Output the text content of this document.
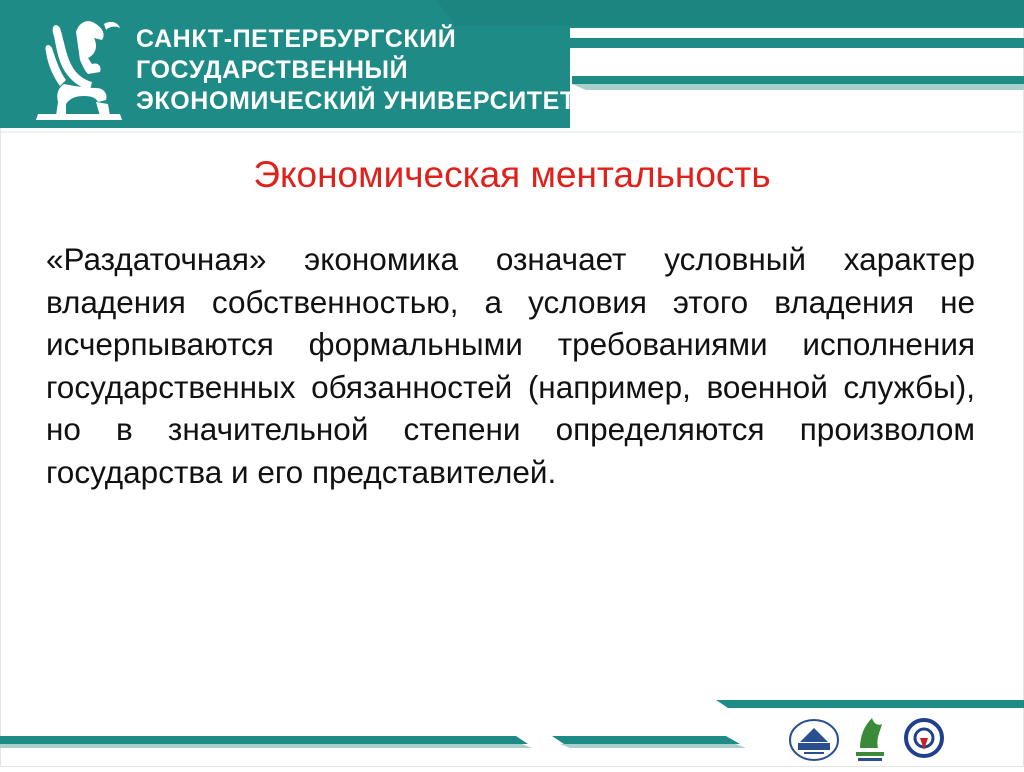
САНКТ-ПЕТЕРБУРГСКИЙ
ГОСУДАРСТВЕННЫЙ
ЭКОНОМИЧЕСКИЙ УНИВЕРСИТЕТ
Экономическая ментальность

«Раздаточная» экономика означает условный характер владения собственностью, а условия этого владения не исчерпываются формальными требованиями исполнения государственных обязанностей (например, военной службы), но в значительной степени определяются произволом государства и его представителей.
